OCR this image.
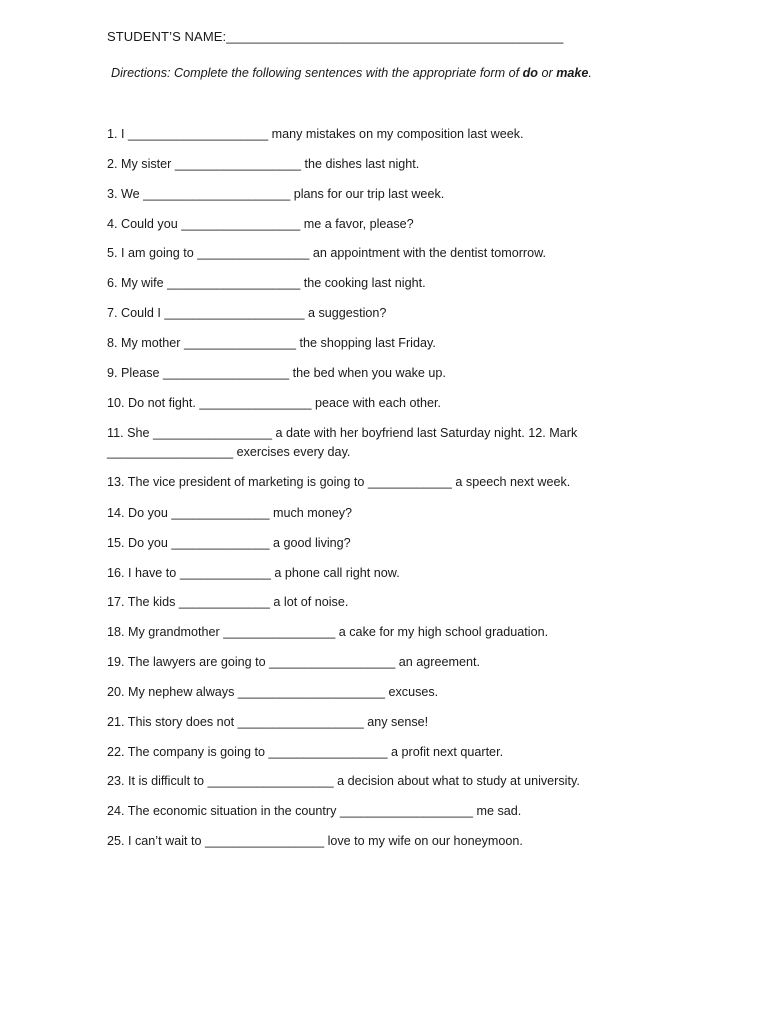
STUDENT’S NAME:______________________________________________
Directions: Complete the following sentences with the appropriate form of do or make.
1. I ____________________ many mistakes on my composition last week.
2. My sister __________________ the dishes last night.
3. We _____________________ plans for our trip last week.
4. Could you _________________ me a favor, please?
5. I am going to ________________ an appointment with the dentist tomorrow.
6. My wife ___________________ the cooking last night.
7. Could I ____________________ a suggestion?
8. My mother ________________ the shopping last Friday.
9. Please __________________ the bed when you wake up.
10. Do not fight. ________________ peace with each other.
11. She _________________ a date with her boyfriend last Saturday night. 12. Mark
__________________ exercises every day.
13. The vice president of marketing is going to ____________ a speech next week.
14. Do you ______________ much money?
15. Do you ______________ a good living?
16. I have to _____________ a phone call right now.
17. The kids _____________ a lot of noise.
18. My grandmother ________________ a cake for my high school graduation.
19. The lawyers are going to __________________ an agreement.
20. My nephew always _____________________ excuses.
21. This story does not __________________ any sense!
22. The company is going to _________________ a profit next quarter.
23. It is difficult to __________________ a decision about what to study at university.
24. The economic situation in the country ___________________ me sad.
25. I can’t wait to _________________ love to my wife on our honeymoon.
